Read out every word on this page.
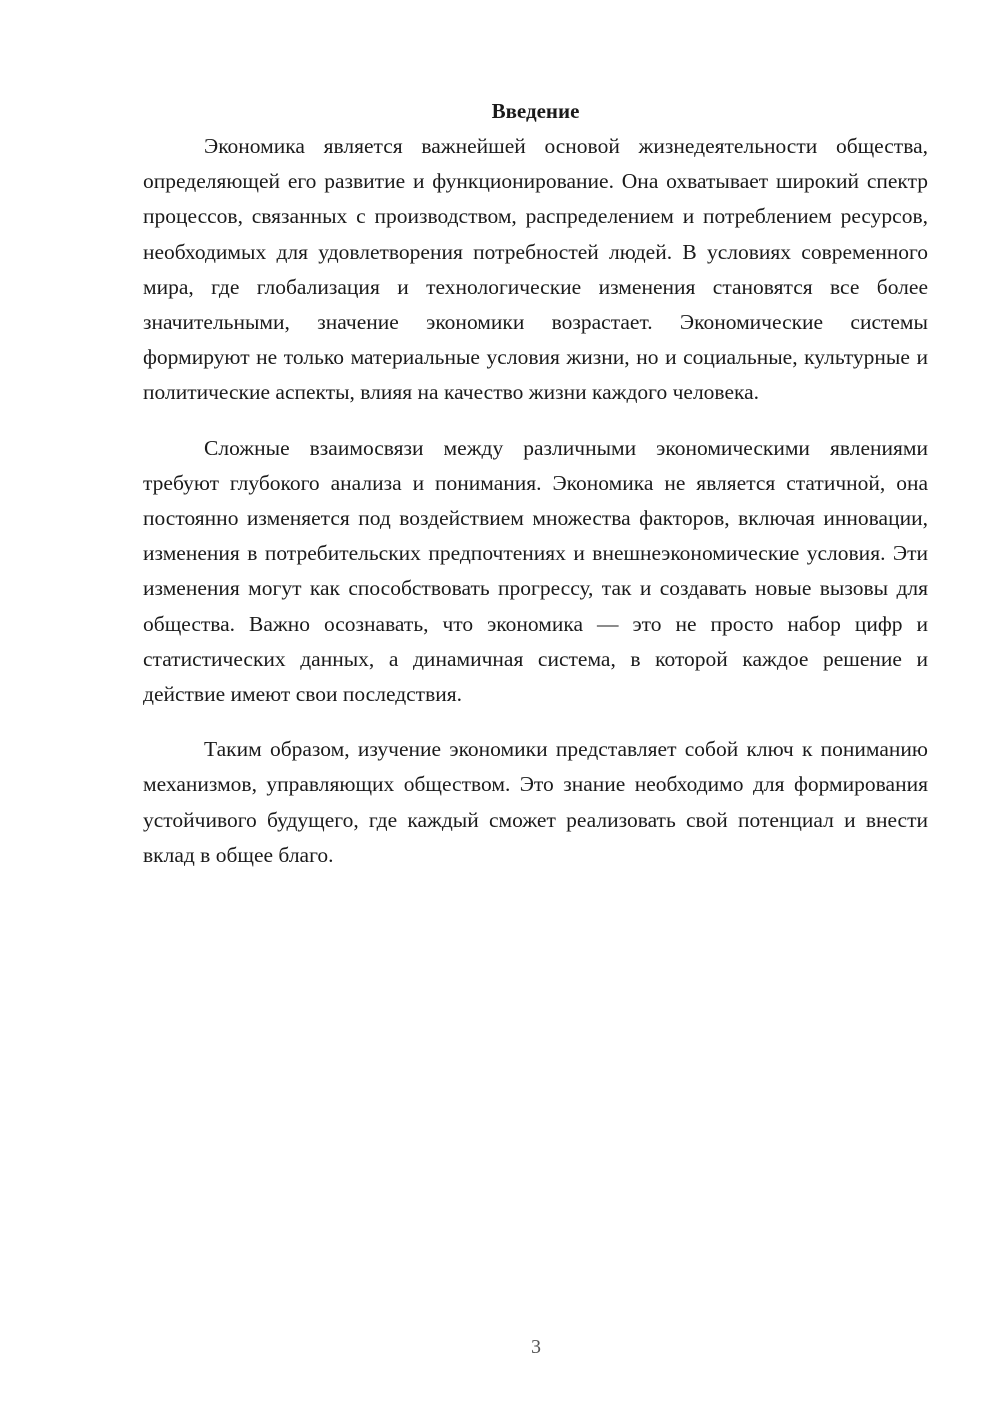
Введение

Экономика является важнейшей основой жизнедеятельности общества, определяющей его развитие и функционирование. Она охватывает широкий спектр процессов, связанных с производством, распределением и потреблением ресурсов, необходимых для удовлетворения потребностей людей. В условиях современного мира, где глобализация и технологические изменения становятся все более значительными, значение экономики возрастает. Экономические системы формируют не только материальные условия жизни, но и социальные, культурные и политические аспекты, влияя на качество жизни каждого человека.

Сложные взаимосвязи между различными экономическими явлениями требуют глубокого анализа и понимания. Экономика не является статичной, она постоянно изменяется под воздействием множества факторов, включая инновации, изменения в потребительских предпочтениях и внешнеэкономические условия. Эти изменения могут как способствовать прогрессу, так и создавать новые вызовы для общества. Важно осознавать, что экономика — это не просто набор цифр и статистических данных, а динамичная система, в которой каждое решение и действие имеют свои последствия.

Таким образом, изучение экономики представляет собой ключ к пониманию механизмов, управляющих обществом. Это знание необходимо для формирования устойчивого будущего, где каждый сможет реализовать свой потенциал и внести вклад в общее благо.

3
